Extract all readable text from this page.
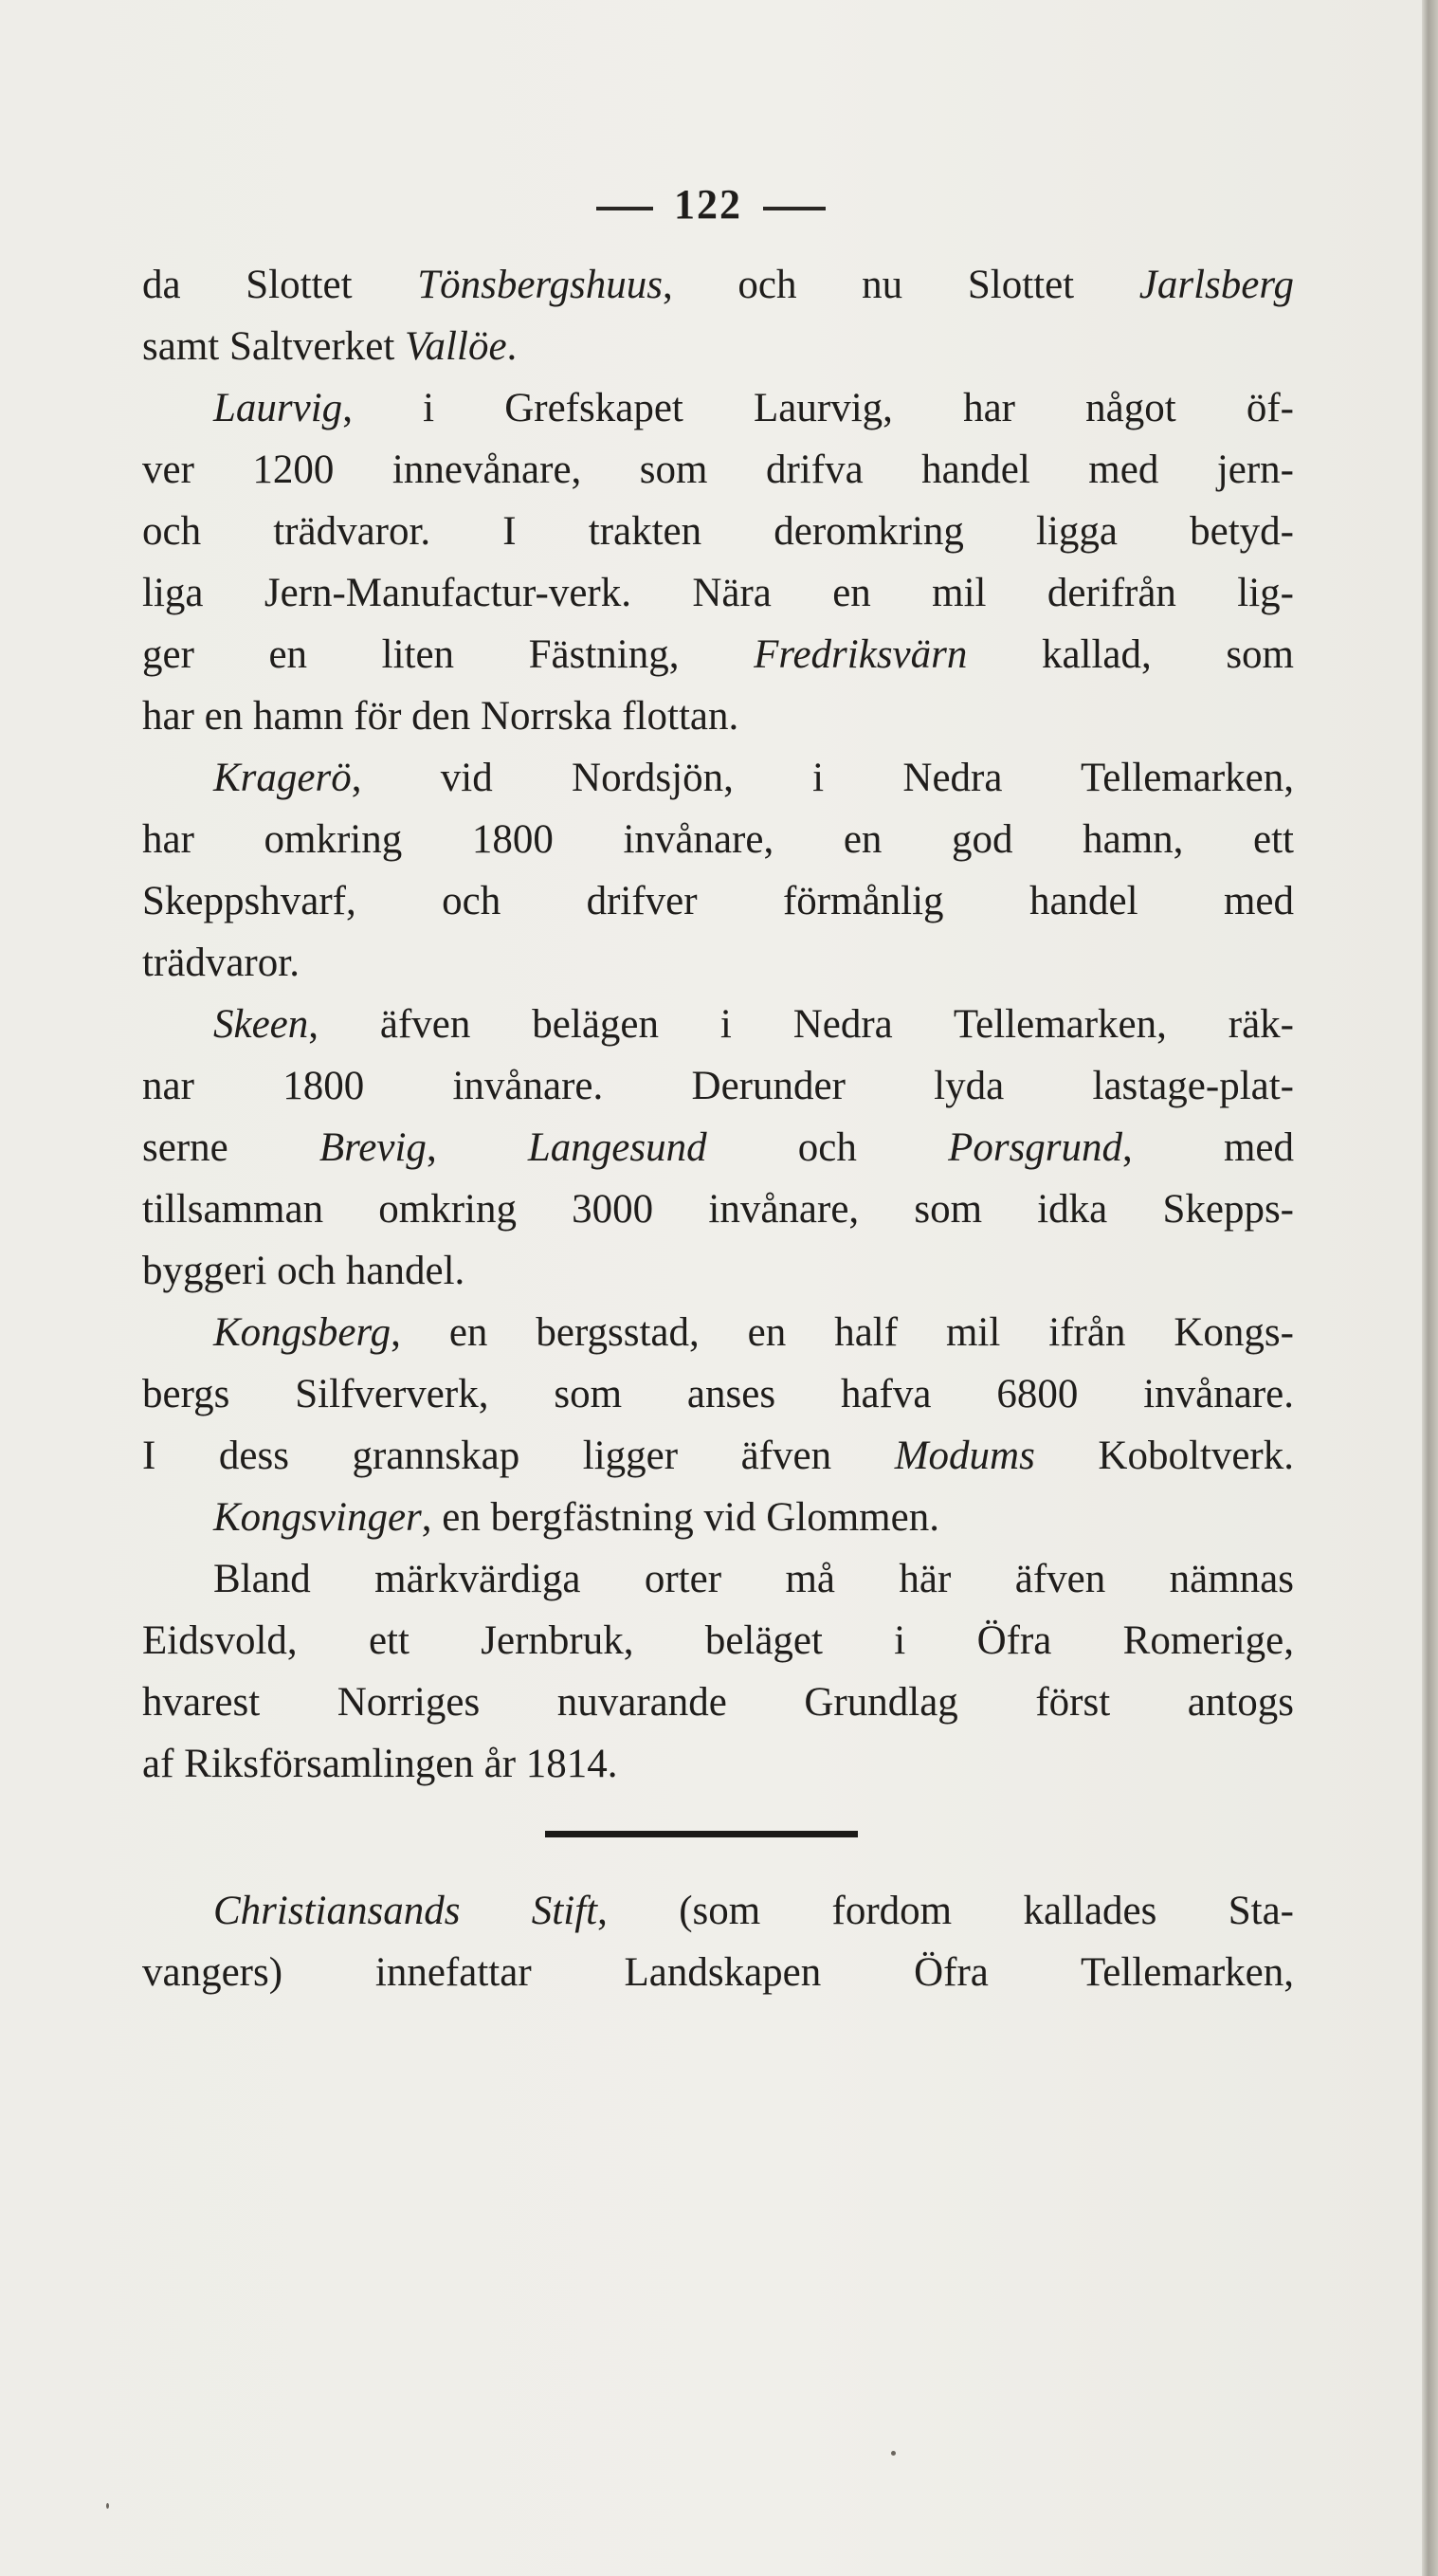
122
da Slottet Tönsbergshuus, och nu Slottet Jarlsberg
samt Saltverket Vallöe.
Laurvig, i Grefskapet Laurvig, har något öf-
ver 1200 innevånare, som drifva handel med jern-
och trädvaror. I trakten deromkring ligga betyd-
liga Jern-Manufactur-verk. Nära en mil derifrån lig-
ger en liten Fästning, Fredriksvärn kallad, som
har en hamn för den Norrska flottan.
Kragerö, vid Nordsjön, i Nedra Tellemarken,
har omkring 1800 invånare, en god hamn, ett
Skeppshvarf, och drifver förmånlig handel med
trädvaror.
Skeen, äfven belägen i Nedra Tellemarken, räk-
nar 1800 invånare. Derunder lyda lastage-plat-
serne Brevig, Langesund och Porsgrund, med
tillsamman omkring 3000 invånare, som idka Skepps-
byggeri och handel.
Kongsberg, en bergsstad, en half mil ifrån Kongs-
bergs Silfververk, som anses hafva 6800 invånare.
I dess grannskap ligger äfven Modums Koboltverk.
Kongsvinger, en bergfästning vid Glommen.
Bland märkvärdiga orter må här äfven nämnas
Eidsvold, ett Jernbruk, beläget i Öfra Romerige,
hvarest Norriges nuvarande Grundlag först antogs
af Riksförsamlingen år 1814.
Christiansands Stift, (som fordom kallades Sta-
vangers) innefattar Landskapen Öfra Tellemarken,
